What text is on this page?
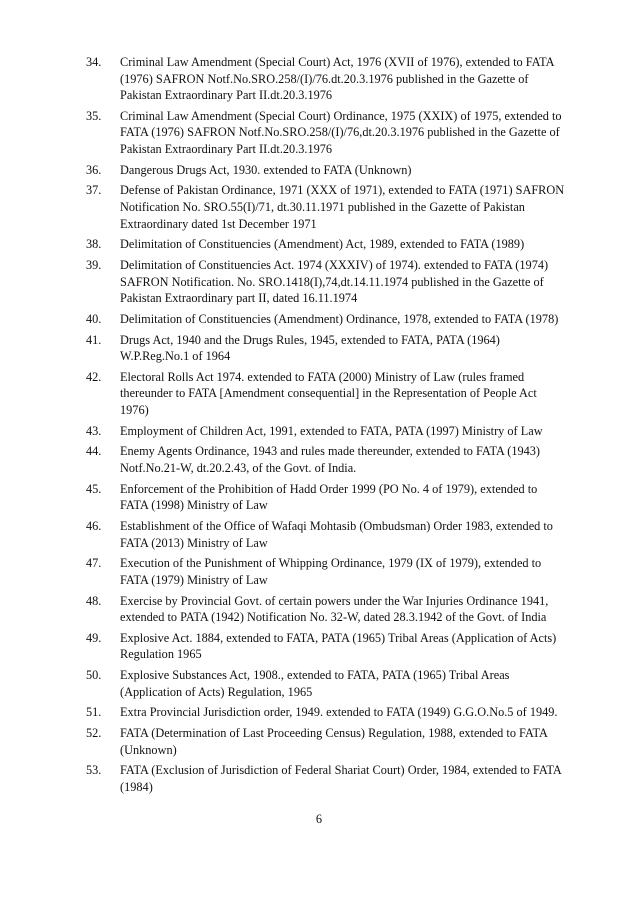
34.	Criminal Law Amendment (Special Court) Act, 1976 (XVII of 1976), extended to FATA (1976) SAFRON Notf.No.SRO.258/(I)/76.dt.20.3.1976 published in the Gazette of Pakistan Extraordinary Part II.dt.20.3.1976
35.	Criminal Law Amendment (Special Court) Ordinance, 1975 (XXIX) of 1975, extended to FATA (1976) SAFRON Notf.No.SRO.258/(I)/76,dt.20.3.1976 published in the Gazette of Pakistan Extraordinary Part II.dt.20.3.1976
36.	Dangerous Drugs Act, 1930. extended to FATA (Unknown)
37.	Defense of Pakistan Ordinance, 1971 (XXX of 1971), extended to FATA (1971) SAFRON Notification No. SRO.55(I)/71, dt.30.11.1971 published in the Gazette of Pakistan Extraordinary dated 1st December 1971
38.	Delimitation of Constituencies (Amendment) Act, 1989, extended to FATA (1989)
39.	Delimitation of Constituencies Act. 1974 (XXXIV) of 1974). extended to FATA (1974) SAFRON Notification. No. SRO.1418(I),74,dt.14.11.1974 published in the Gazette of Pakistan Extraordinary part II, dated 16.11.1974
40.	Delimitation of Constituencies (Amendment) Ordinance, 1978, extended to FATA (1978)
41.	Drugs Act, 1940 and the Drugs Rules, 1945, extended to FATA, PATA (1964) W.P.Reg.No.1 of 1964
42.	Electoral Rolls Act 1974. extended to FATA (2000) Ministry of Law (rules framed thereunder to FATA [Amendment consequential] in the Representation of People Act 1976)
43.	Employment of Children Act, 1991, extended to FATA, PATA (1997) Ministry of Law
44.	Enemy Agents Ordinance, 1943 and rules made thereunder, extended to FATA (1943) Notf.No.21-W, dt.20.2.43, of the Govt. of India.
45.	Enforcement of the Prohibition of Hadd Order 1999 (PO No. 4 of 1979), extended to FATA (1998) Ministry of Law
46.	Establishment of the Office of Wafaqi Mohtasib (Ombudsman) Order 1983, extended to FATA (2013) Ministry of Law
47.	Execution of the Punishment of Whipping Ordinance, 1979 (IX of 1979), extended to FATA (1979) Ministry of Law
48.	Exercise by Provincial Govt. of certain powers under the War Injuries Ordinance 1941, extended to PATA (1942) Notification No. 32-W, dated 28.3.1942 of the Govt. of India
49.	Explosive Act. 1884, extended to FATA, PATA (1965) Tribal Areas (Application of Acts) Regulation 1965
50.	Explosive Substances Act, 1908., extended to FATA, PATA (1965) Tribal Areas (Application of Acts) Regulation, 1965
51.	Extra Provincial Jurisdiction order, 1949. extended to FATA (1949) G.G.O.No.5 of 1949.
52.	FATA (Determination of Last Proceeding Census) Regulation, 1988, extended to FATA (Unknown)
53.	FATA (Exclusion of Jurisdiction of Federal Shariat Court) Order, 1984, extended to FATA (1984)
6
